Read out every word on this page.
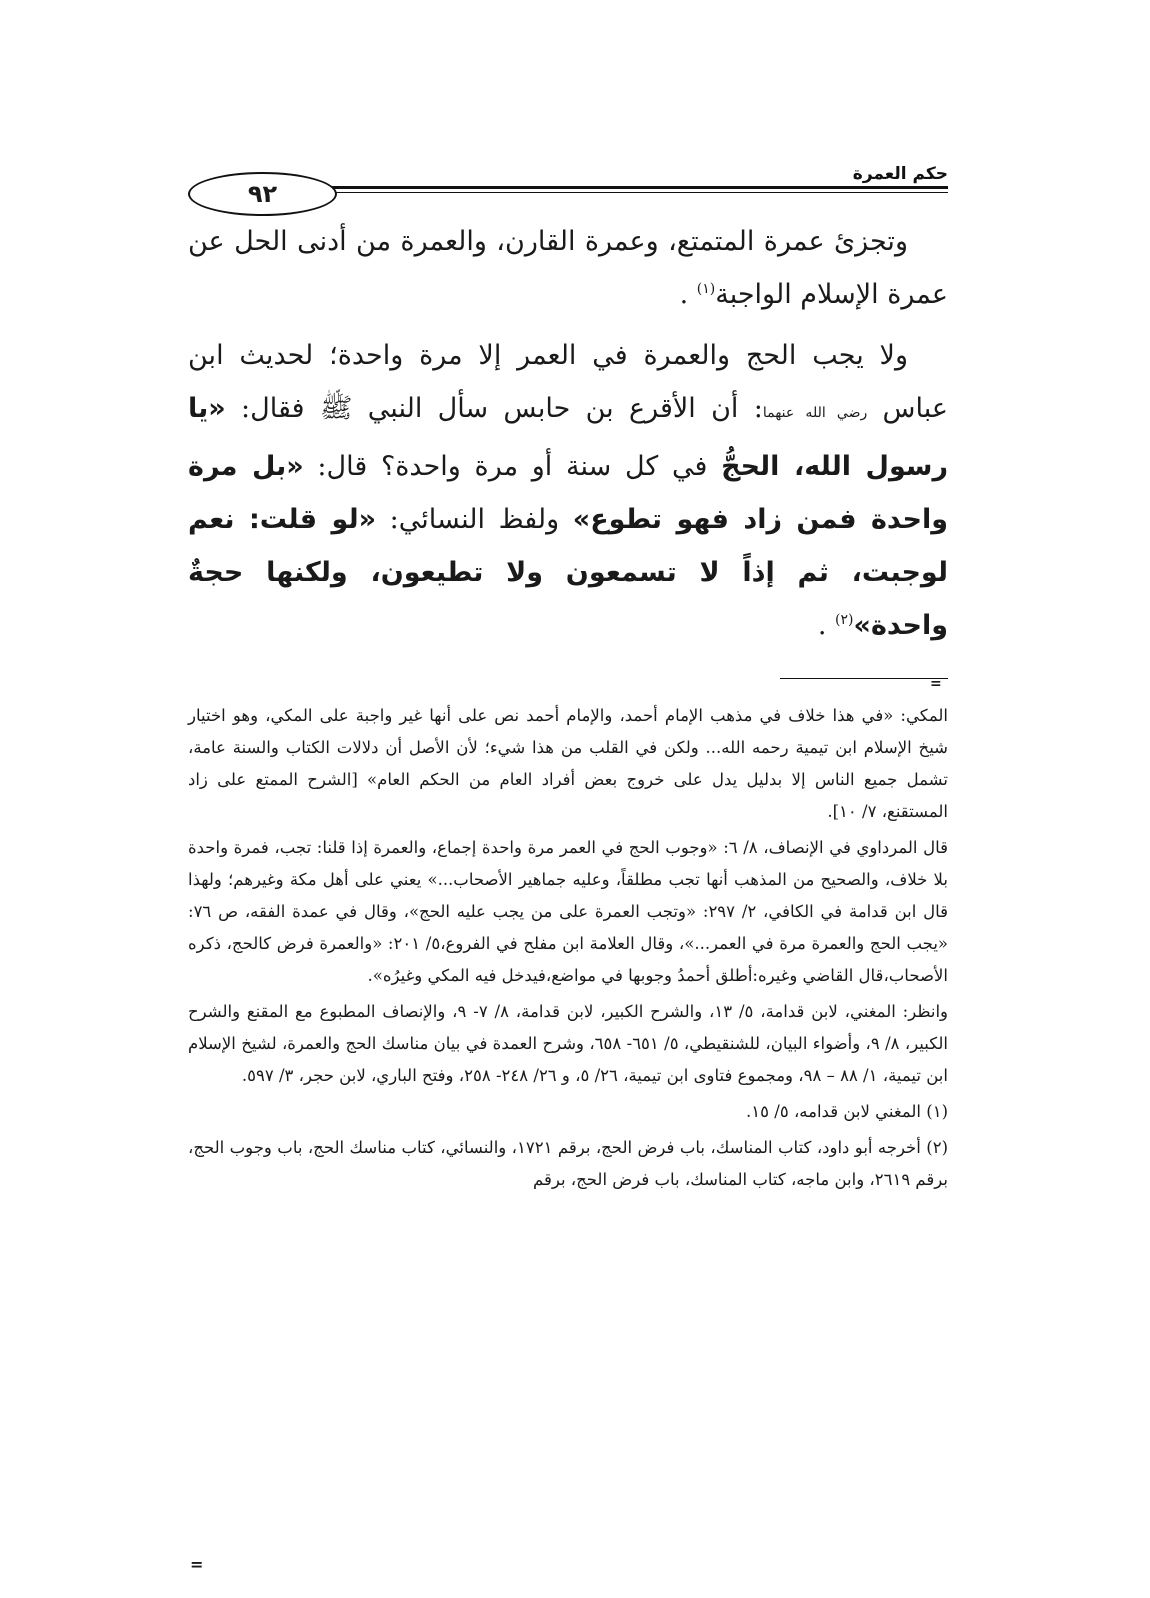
حكم العمرة
٩٢

وتجزئ عمرة المتمتع، وعمرة القارن، والعمرة من أدنى الحل عن عمرة الإسلام الواجبة$^{(١)}$ .

ولا يجب الحج والعمرة في العمر إلا مرة واحدة؛ لحديث ابن عباس رضي الله عنهما: أن الأقرع بن حابس سأل النبي ﷺ فقال: «يا رسول الله، الحجُّ في كل سنة أو مرة واحدة؟ قال: «بل مرة واحدة فمن زاد فهو تطوع» ولفظ النسائي: «لو قلت: نعم لوجبت، ثم إذاً لا تسمعون ولا تطيعون، ولكنها حجةٌ واحدة»$^{(٢)}$ .

=

المكي: «في هذا خلاف في مذهب الإمام أحمد، والإمام أحمد نص على أنها غير واجبة على المكي، وهو اختيار شيخ الإسلام ابن تيمية رحمه الله... ولكن في القلب من هذا شيء؛ لأن الأصل أن دلالات الكتاب والسنة عامة، تشمل جميع الناس إلا بدليل يدل على خروج بعض أفراد العام من الحكم العام» [الشرح الممتع على زاد المستقنع، ٧/ ١٠].

قال المرداوي في الإنصاف، ٨/ ٦: «وجوب الحج في العمر مرة واحدة إجماع، والعمرة إذا قلنا: تجب، فمرة واحدة بلا خلاف، والصحيح من المذهب أنها تجب مطلقاً، وعليه جماهير الأصحاب...» يعني على أهل مكة وغيرهم؛ ولهذا قال ابن قدامة في الكافي، ٢/ ٢٩٧: «وتجب العمرة على من يجب عليه الحج»، وقال في عمدة الفقه، ص ٧٦: «يجب الحج والعمرة مرة في العمر...»، وقال العلامة ابن مفلح في الفروع،٥/ ٢٠١: «والعمرة فرض كالحج، ذكره الأصحاب،قال القاضي وغيره:أطلق أحمدُ وجوبها في مواضع،فيدخل فيه المكي وغيرُه».

وانظر: المغني، لابن قدامة، ٥/ ١٣، والشرح الكبير، لابن قدامة، ٨/ ٧- ٩، والإنصاف المطبوع مع المقنع والشرح الكبير، ٨/ ٩، وأضواء البيان، للشنقيطي، ٥/ ٦٥١- ٦٥٨، وشرح العمدة في بيان مناسك الحج والعمرة، لشيخ الإسلام ابن تيمية، ١/ ٨٨ – ٩٨، ومجموع فتاوى ابن تيمية، ٢٦/ ٥، و ٢٦/ ٢٤٨- ٢٥٨، وفتح الباري، لابن حجر، ٣/ ٥٩٧.

(١) المغني لابن قدامه، ٥/ ١٥.

(٢) أخرجه أبو داود، كتاب المناسك، باب فرض الحج، برقم ١٧٢١، والنسائي، كتاب مناسك الحج، باب وجوب الحج، برقم ٢٦١٩، وابن ماجه، كتاب المناسك، باب فرض الحج، برقم

=
